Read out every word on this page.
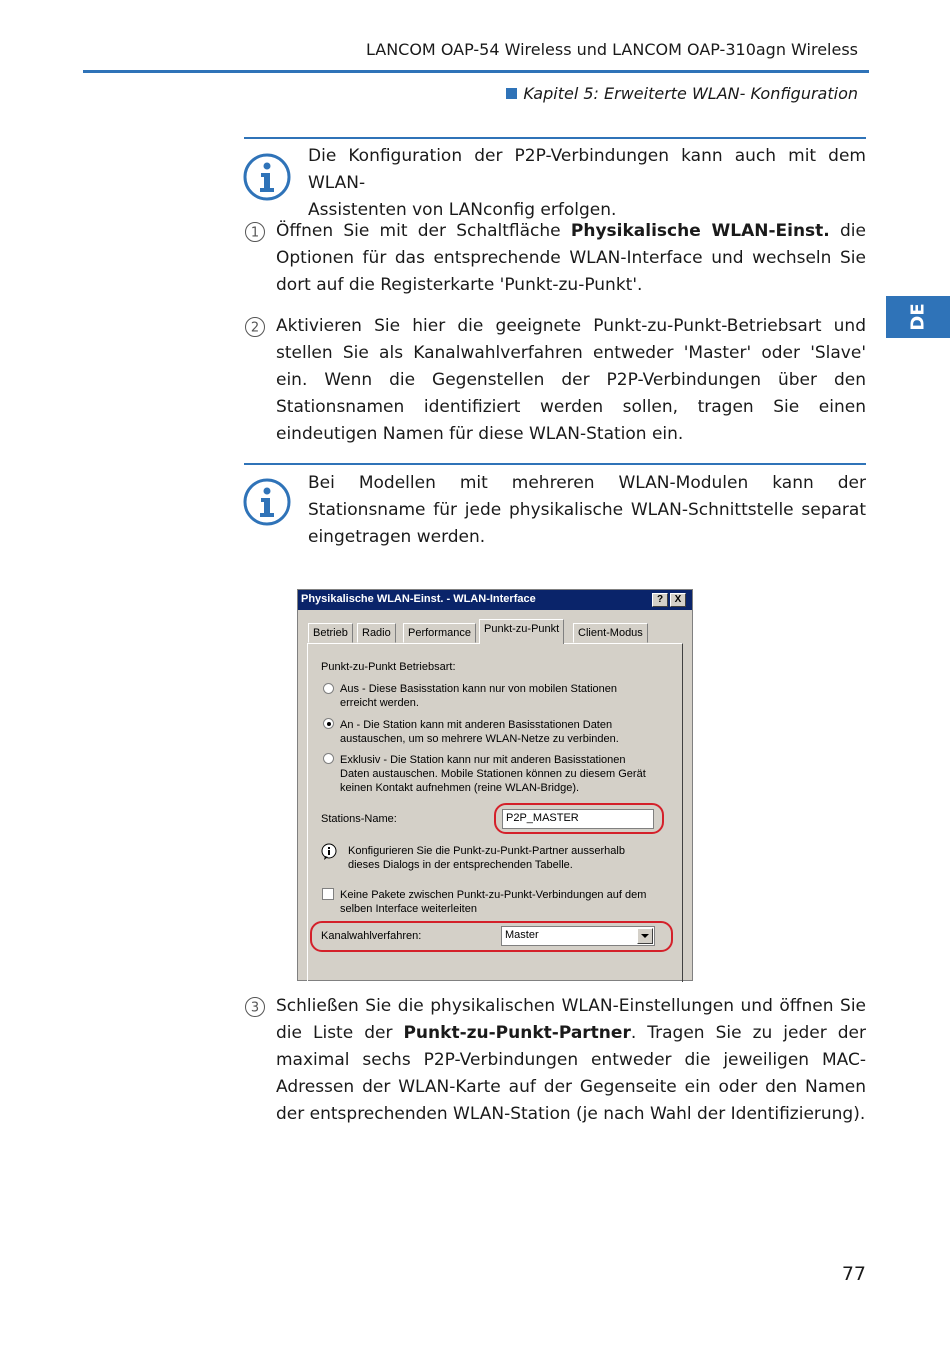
LANCOM OAP-54 Wireless und LANCOM OAP-310agn Wireless
Kapitel 5: Erweiterte WLAN- Konfiguration
DE
Die Konfiguration der P2P-Verbindungen kann auch mit dem WLAN-
Assistenten von LANconfig erfolgen.
1 Öffnen Sie mit der Schaltfläche Physikalische WLAN-Einst. die Optionen für das entsprechende WLAN-Interface und wechseln Sie dort auf die Registerkarte 'Punkt-zu-Punkt'.
2 Aktivieren Sie hier die geeignete Punkt-zu-Punkt-Betriebsart und stellen Sie als Kanalwahlverfahren entweder 'Master' oder 'Slave' ein. Wenn die Gegenstellen der P2P-Verbindungen über den Stationsnamen identifiziert werden sollen, tragen Sie einen eindeutigen Namen für diese WLAN-Station ein.
Bei Modellen mit mehreren WLAN-Modulen kann der Stationsname für jede physikalische WLAN-Schnittstelle separat eingetragen werden.
Physikalische WLAN-Einst. - WLAN-Interface	?	X
Betrieb	Radio	Performance	Punkt-zu-Punkt	Client-Modus
Punkt-zu-Punkt Betriebsart:
Aus - Diese Basisstation kann nur von mobilen Stationen
erreicht werden.
An - Die Station kann mit anderen Basisstationen Daten
austauschen, um so mehrere WLAN-Netze zu verbinden.
Exklusiv - Die Station kann nur mit anderen Basisstationen
Daten austauschen. Mobile Stationen können zu diesem Gerät
keinen Kontakt aufnehmen (reine WLAN-Bridge).
Stations-Name:	P2P_MASTER
Konfigurieren Sie die Punkt-zu-Punkt-Partner ausserhalb
dieses Dialogs in der entsprechenden Tabelle.
Keine Pakete zwischen Punkt-zu-Punkt-Verbindungen auf dem
selben Interface weiterleiten
Kanalwahlverfahren:	Master
3 Schließen Sie die physikalischen WLAN-Einstellungen und öffnen Sie die Liste der Punkt-zu-Punkt-Partner. Tragen Sie zu jeder der maximal sechs P2P-Verbindungen entweder die jeweiligen MAC-Adressen der WLAN-Karte auf der Gegenseite ein oder den Namen der entsprechenden WLAN-Station (je nach Wahl der Identifizierung).
77
